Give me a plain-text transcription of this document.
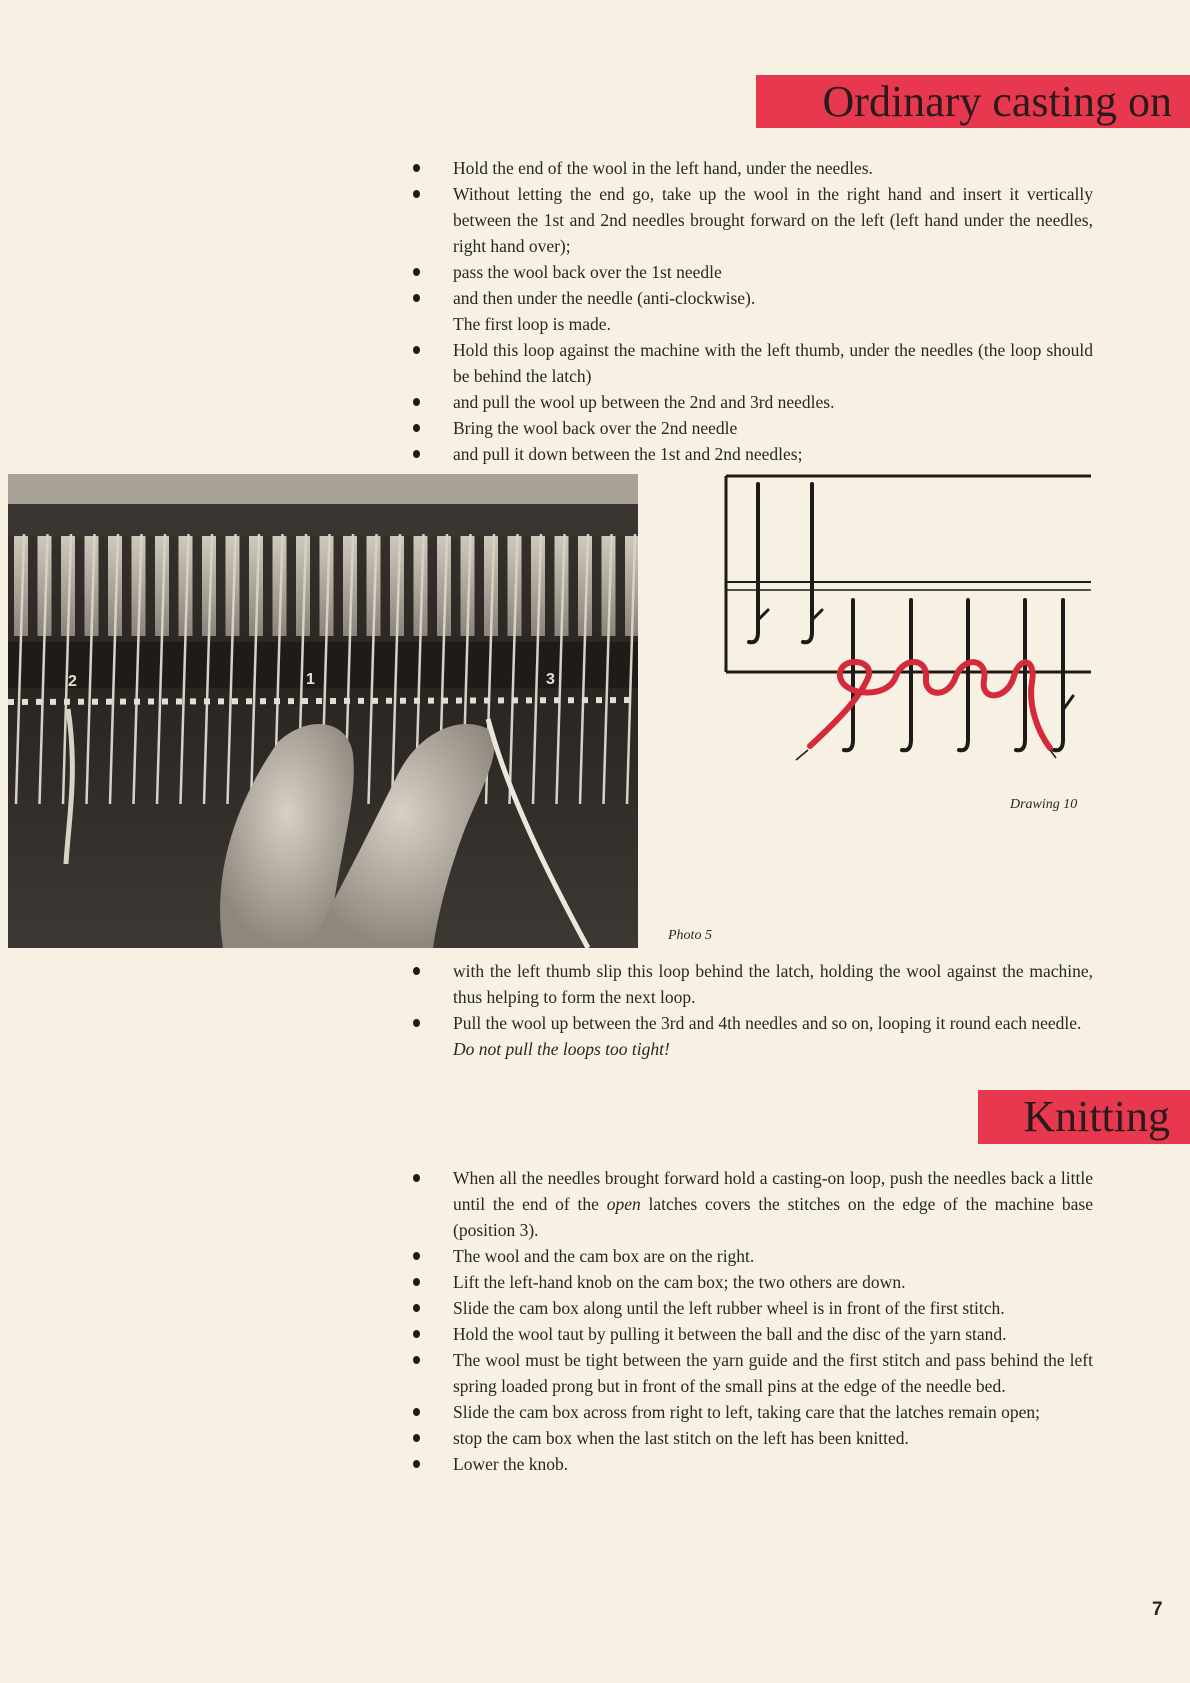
Ordinary casting on
Hold the end of the wool in the left hand, under the needles.
Without letting the end go, take up the wool in the right hand and insert it vertically between the 1st and 2nd needles brought forward on the left (left hand under the needles, right hand over);
pass the wool back over the 1st needle
and then under the needle (anti-clockwise).
The first loop is made.
Hold this loop against the machine with the left thumb, under the needles (the loop should be behind the latch)
and pull the wool up between the 2nd and 3rd needles.
Bring the wool back over the 2nd needle
and pull it down between the 1st and 2nd needles;
2	1	3
Photo 5
Drawing 10
with the left thumb slip this loop behind the latch, holding the wool against the machine, thus helping to form the next loop.
Pull the wool up between the 3rd and 4th needles and so on, looping it round each needle.
Do not pull the loops too tight!
Knitting
When all the needles brought forward hold a casting-on loop, push the needles back a little until the end of the open latches covers the stitches on the edge of the machine base (position 3).
The wool and the cam box are on the right.
Lift the left-hand knob on the cam box; the two others are down.
Slide the cam box along until the left rubber wheel is in front of the first stitch.
Hold the wool taut by pulling it between the ball and the disc of the yarn stand.
The wool must be tight between the yarn guide and the first stitch and pass behind the left spring loaded prong but in front of the small pins at the edge of the needle bed.
Slide the cam box across from right to left, taking care that the latches remain open;
stop the cam box when the last stitch on the left has been knitted.
Lower the knob.
7
